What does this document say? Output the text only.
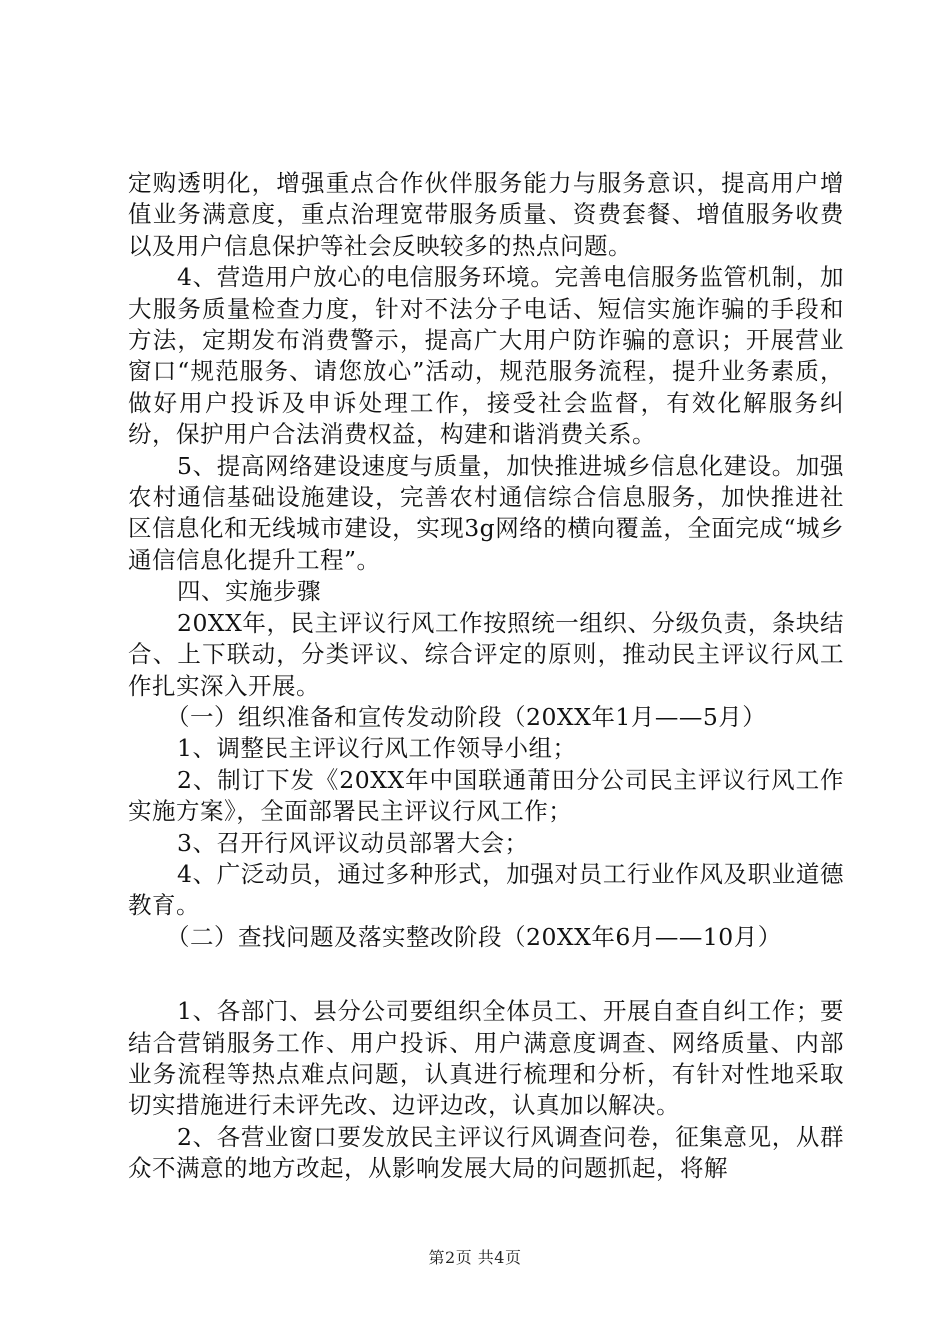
定购透明化，增强重点合作伙伴服务能力与服务意识，提高用户增值业务满意度，重点治理宽带服务质量、资费套餐、增值服务收费以及用户信息保护等社会反映较多的热点问题。

4、营造用户放心的电信服务环境。完善电信服务监管机制，加大服务质量检查力度，针对不法分子电话、短信实施诈骗的手段和方法，定期发布消费警示，提高广大用户防诈骗的意识；开展营业窗口“规范服务、请您放心”活动，规范服务流程，提升业务素质，做好用户投诉及申诉处理工作，接受社会监督，有效化解服务纠纷，保护用户合法消费权益，构建和谐消费关系。

5、提高网络建设速度与质量，加快推进城乡信息化建设。加强农村通信基础设施建设，完善农村通信综合信息服务，加快推进社区信息化和无线城市建设，实现3g网络的横向覆盖，全面完成“城乡通信信息化提升工程”。

四、实施步骤

20XX年，民主评议行风工作按照统一组织、分级负责，条块结合、上下联动，分类评议、综合评定的原则，推动民主评议行风工作扎实深入开展。

（一）组织准备和宣传发动阶段（20XX年1月——5月）

1、调整民主评议行风工作领导小组；

2、制订下发《20XX年中国联通莆田分公司民主评议行风工作实施方案》，全面部署民主评议行风工作；

3、召开行风评议动员部署大会；

4、广泛动员，通过多种形式，加强对员工行业作风及职业道德教育。

（二）查找问题及落实整改阶段（20XX年6月——10月）

1、各部门、县分公司要组织全体员工、开展自查自纠工作；要结合营销服务工作、用户投诉、用户满意度调查、网络质量、内部业务流程等热点难点问题，认真进行梳理和分析，有针对性地采取切实措施进行未评先改、边评边改，认真加以解决。

2、各营业窗口要发放民主评议行风调查问卷，征集意见，从群众不满意的地方改起，从影响发展大局的问题抓起，将解

第2页 共4页
